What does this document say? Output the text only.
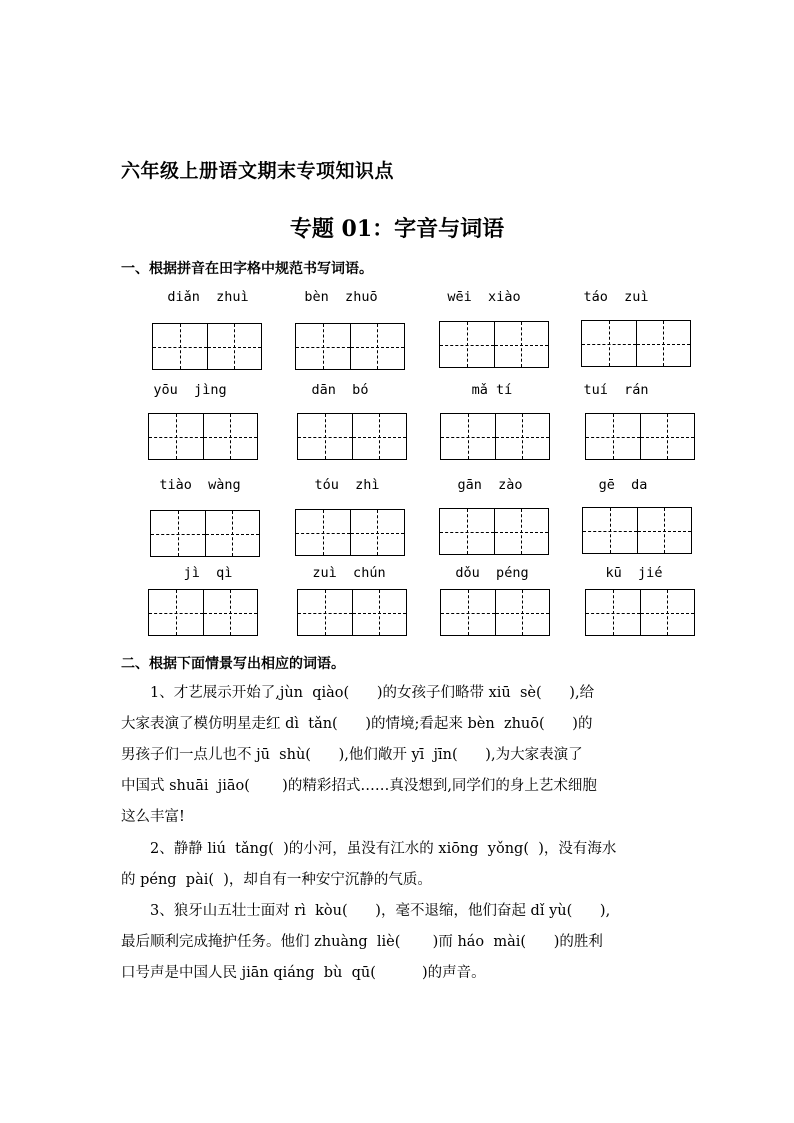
六年级上册语文期末专项知识点
专题 01：字音与词语
一、根据拼音在田字格中规范书写词语。
diǎn  zhuì	bèn  zhuō	wēi  xiào	táo  zuì
yōu  jìng	dān  bó	mǎ tí	tuí  rán
tiào  wàng	tóu  zhì	gān  zào	gē  da
jì  qì	zuì  chún	dǒu  péng	kū  jié
二、根据下面情景写出相应的词语。
1、才艺展示开始了,jùn  qiào(      )的女孩子们略带 xiū  sè(      ),给
大家表演了模仿明星走红 dì  tǎn(      )的情境;看起来 bèn  zhuō(      )的
男孩子们一点儿也不 jū  shù(      ),他们敞开 yī  jīn(      ),为大家表演了
中国式 shuāi  jiāo(       )的精彩招式……真没想到,同学们的身上艺术细胞
这么丰富!
2、静静 liú  tǎng(  )的小河，虽没有江水的 xiōng  yǒng(  )，没有海水
的 péng  pài(  )，却自有一种安宁沉静的气质。
3、狼牙山五壮士面对 rì  kòu(      )，毫不退缩，他们奋起 dǐ yù(      ),
最后顺利完成掩护任务。他们 zhuàng  liè(       )而 háo  mài(      )的胜利
口号声是中国人民 jiān qiáng  bù  qū(          )的声音。
